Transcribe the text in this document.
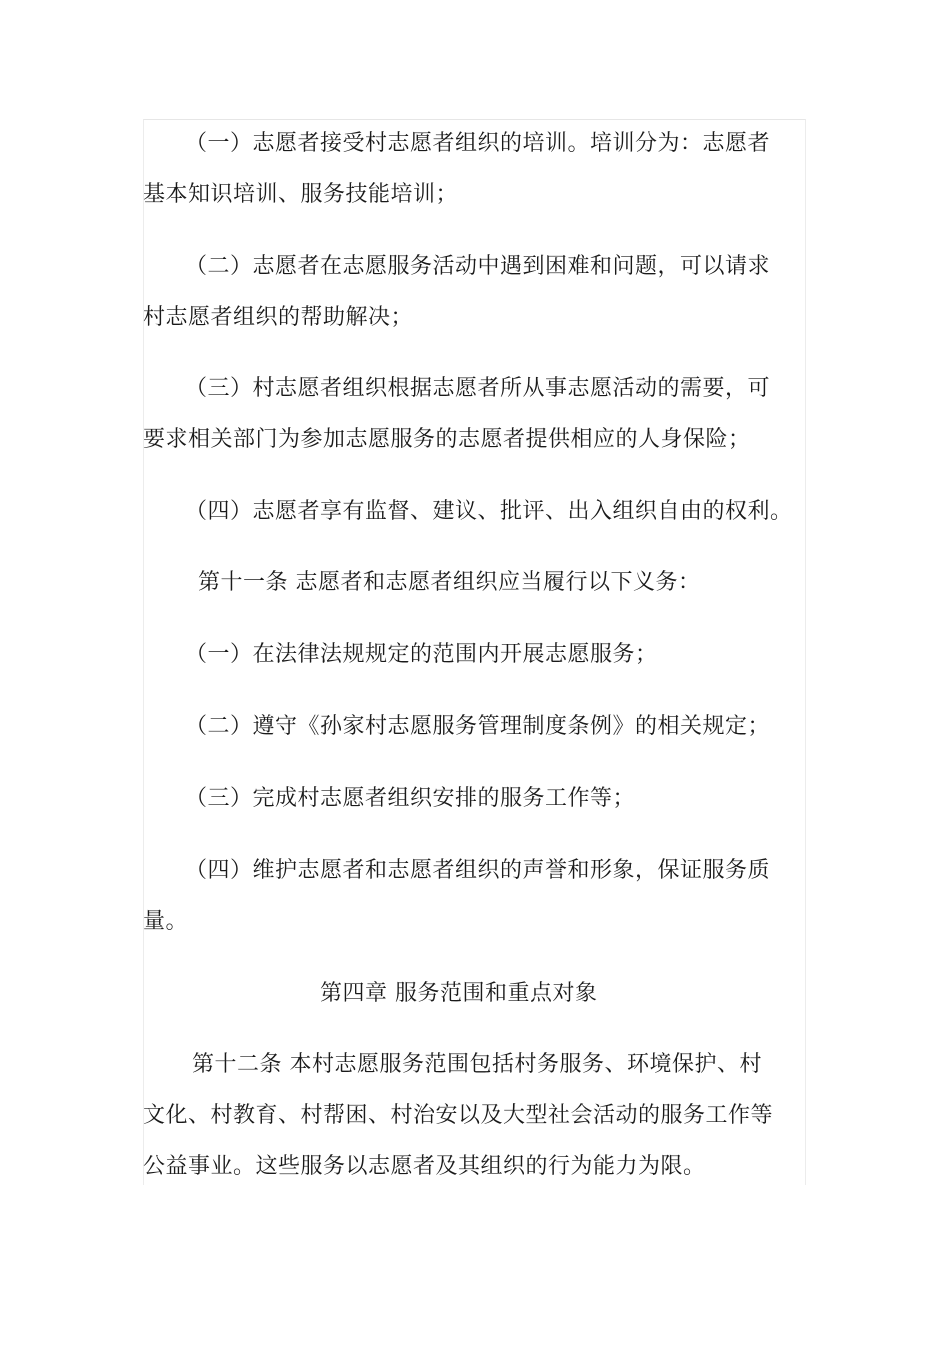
（一）志愿者接受村志愿者组织的培训。培训分为：志愿者

基本知识培训、服务技能培训；

（二）志愿者在志愿服务活动中遇到困难和问题，可以请求

村志愿者组织的帮助解决；

（三）村志愿者组织根据志愿者所从事志愿活动的需要，可

要求相关部门为参加志愿服务的志愿者提供相应的人身保险；

（四）志愿者享有监督、建议、批评、出入组织自由的权利。

第十一条 志愿者和志愿者组织应当履行以下义务：

（一）在法律法规规定的范围内开展志愿服务；

（二）遵守《孙家村志愿服务管理制度条例》的相关规定；

（三）完成村志愿者组织安排的服务工作等；

（四）维护志愿者和志愿者组织的声誉和形象，保证服务质

量。

第四章 服务范围和重点对象

第十二条 本村志愿服务范围包括村务服务、环境保护、村

文化、村教育、村帮困、村治安以及大型社会活动的服务工作等

公益事业。这些服务以志愿者及其组织的行为能力为限。
